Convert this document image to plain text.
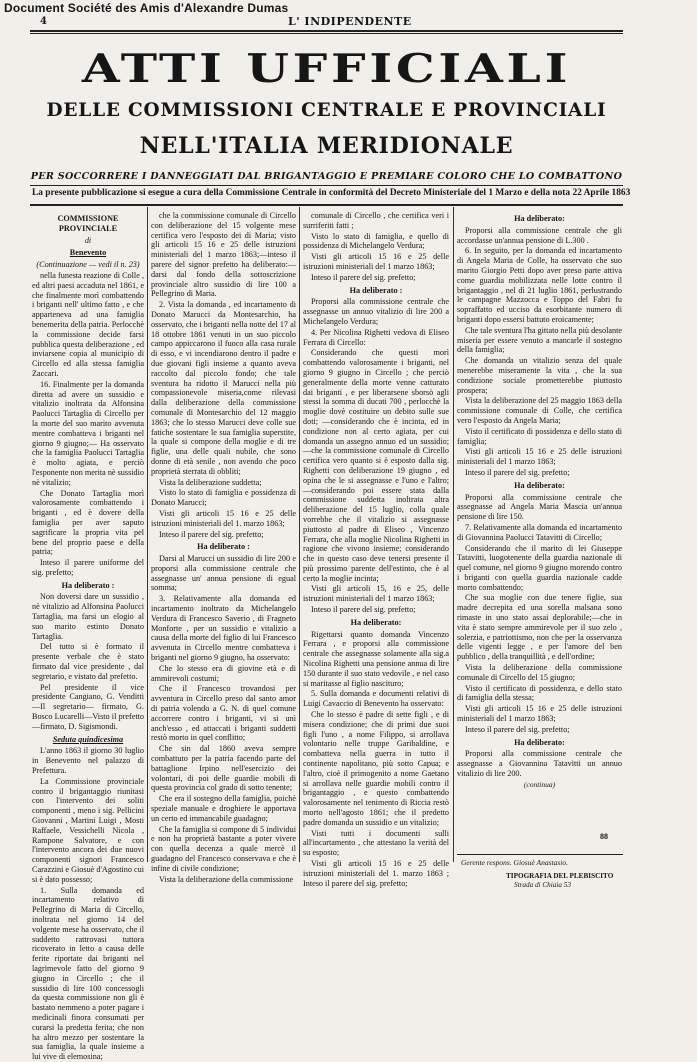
Document Société des Amis d'Alexandre Dumas
4	L' INDIPENDENTE
ATTI UFFICIALI
DELLE COMMISSIONI CENTRALE E PROVINCIALI
NELL'ITALIA MERIDIONALE
PER SOCCORRERE I DANNEGGIATI DAL BRIGANTAGGIO E PREMIARE COLORO CHE LO COMBATTONO
La presente pubblicazione si esegue a cura della Commissione Centrale in conformità del Decreto Ministeriale del 1 Marzo e della nota 22 Aprile 1863

COMMISSIONE PROVINCIALE

di

Benevento

(Continuazione — vedi il n. 23)

nella funesta reazione di Colle , ed altri paesi accaduta nel 1861, e che finalmente morì combattendo i briganti nell' ultimo fatto , e che apparteneva ad una famiglia benemerita della patria. Perlocchè la commissione decide farsi pubblica questa deliberazione , ed inviarsene copia al municipio di Circello ed alla stessa famiglia Zaccari.

16. Finalmente per la domanda diretta ad avere un sussidio e vitalizio inoltrata da Alfonsina Paolucci Tartaglia di Circello per la morte del suo marito avvenuta mentre combatteva i briganti nel giorno 9 giugno;— Ha osservato che la famiglia Paolucci Tartaglia è molto agiata, e perciò l'esponente non merita nè sussidio nè vitalizio;

Che Donato Tartaglia morì valorosamente combattendo i briganti , ed è dovere della famiglia per aver saputo sagrificare la propria vita pel bene del proprio paese e della patria;

Inteso il parere uniforme del sig. prefetto;

Ha deliberato :

Non doversi dare un sussidio , nè vitalizio ad Alfonsina Paolucci Tartaglia, ma farsi un elogio al suo marito estinto Donato Tartaglia.

Del tutto si è formato il presente verbale che è stato firmato dal vice presidente , dal segretario, e vistato dal prefetto.

Pel presidente il vice presidente Cangiano, G. Venditti—Il segretario— firmato, G. Bosco Lucarelli—Visto il prefetto—firmato, D. Sigismondi.

Seduta quindicesima

L'anno 1863 il giorno 30 luglio in Benevento nel palazzo di Prefettura.

La Commissione provinciale contro il brigantaggio riunitasi con l'intervento dei soliti componenti , meno i sig. Pellicini Giovanni , Martini Luigi , Mosti Raffaele, Vessichelli Nicola , Rampone Salvatore, e con l'intervento ancora dei due nuovi componenti signori Francesco Carazzini e Giosuè d'Agostino cui si è dato possesso;

1. Sulla domanda ed incartamento relativo di Pellegrino di Maria di Circello, inoltrata nel giorno 14 del volgente mese ha osservato, che il suddetto rattrovasi tuttora ricoverato in letto a causa delle ferite riportate dai briganti nel lagrimevole fatto del giorno 9 giugno in Circello ; che il sussidio di lire 100 concessogli da questa commissione non gli è bastato nemmeno a poter pagare i medicinali finora consumati per curarsi la predetta ferita; che non ha altro mezzo per sostentare la sua famiglia, la quale insieme a lui vive di elemosina;

che la commissione comunale di Circello con deliberazione del 15 volgente mese certifica vero l'esposto dei di Maria; visto gli articoli 15 16 e 25 delle istruzioni ministeriali del 1 marzo 1863;—inteso il parere del signor prefetto ha deliberato:—darsi dal fondo della sottoscrizione provinciale altro sussidio di lire 100 a Pellegrino di Maria.

2. Vista la domanda , ed incartamento di Donato Marucci da Montesarchio, ha osservato, che i briganti nella notte del 17 al 18 ottobre 1861 venuti in un suo piccolo campo appiccarono il fuoco alla casa rurale di esso, e vi incendiarono dentro il padre e due giovani figli insieme a quanto aveva raccolto dal piccolo fondo; che tale sventura ha ridotto il Marucci nella più compassionevole miseria,come rilevasi dalla deliberazione della commissione comunale di Montesarchio del 12 maggio 1863; che lo stesso Marucci deve colle sue fatiche sostentare le sua famiglia superstite, la quale si compone della moglie e di tre figlie, una delle quali nubile, che sono donne di età senile , non avendo che poco proprietà sterrata di obbliti;

Vista la deliberazione suddetta;

Visto lo stato di famiglia e possidenza di Donato Marucci;

Visti gli articoli 15 16 e 25 delle istruzioni ministeriali del 1. marzo 1863;

Inteso il parere del sig. prefetto;

Ha deliberato :

Darsi al Marucci un sussidio di lire 200 e proporsi alla commissione centrale che assegnasse un' annua pensione di egual somma;

3. Relativamente alla domanda ed incartamento inoltrato da Michelangelo Verdura di Francesco Saverio , di Fragneto Monforte , per un sussidio e vitalizio a causa della morte del figlio di lui Francesco avvenuta in Circello mentre combatteva i briganti nel giorno 9 giugno, ha osservato:

Che lo stesso era di giovine età e di ammirevoli costumi;

Che il Francesco trovandosi per avventura in Circello preso dal santo amor di patria volendo a G. N. di quel comune accorrere contro i briganti, vi si unì anch'esso , ed attaccati i briganti suddetti restò morto in quel conflitto;

Che sin dal 1860 aveva sempre combattuto per la patria facendo parte del battaglione Irpino nell'esercizio dei volontari, di poi delle guardie mobili di questa provincia col grado di sotto tenente;

Che era il sostegno della famiglia, poichè speziale manuale e droghiere le apportava un certo ed immancabile guadagno;

Che la famiglia si compone di 5 individui e non ha proprietà bastante a poter vivere con quella decenza a quale mercè il guadagno del Francesco conservava e che è infine di civile condizione;

Vista la deliberazione della commissione

comunale di Circello , che certifica veri i surriferiti fatti ;

Visto lo stato di famiglia, e quello di possidenza di Michelangelo Verdura;

Visti gli articoli 15 16 e 25 delle istruzioni ministeriali del 1 marzo 1863;

Inteso il parere del sig. prefetto;

Ha deliberato :

Proporsi alla commissione centrale che assegnasse un annuo vitalizio di lire 200 a Michelangelo Verdura;

4. Per Nicolina Righetti vedova di Eliseo Ferrara di Circello:

Considerando che questi morì combattendo valorosamente i briganti, nel giorno 9 giugno in Circello ; che perciò generalmente della morte venne catturato dai briganti , e per liberarsene sborsò agli stessi la somma di ducati 700 , perlocchè la moglie dovè costituire un debito sulle sue doti; —considerando che è incinta, ed in condizione non al certo agiata, per cui domanda un assegno annuo ed un sussidio;—che la commissione comunale di Circello certifica vero quanto si è esposto dalla sig. Righetti con deliberazione 19 giugno , ed opina che le si assegnasse e l'uno e l'altro; —considerando poi essere stata dalla commissione suddetta inoltrata altra deliberazione del 15 luglio, colla quale vorrebbe che il vitalizio si assegnasse piuttosto al padre di Eliseo , Vincenzo Ferrara, che alla moglie Nicolina Righetti in ragione che vivono insieme; considerando che in questo caso deve tenersi presente il più prossimo parente dell'estinto, che è al certo la moglie incinta;

Visti gli articoli 15, 16 e 25, delle istruzioni ministeriali del 1 marzo 1863;

Inteso il parere del sig. prefetto;

Ha deliberato:

Rigettarsi quanto domanda Vincenzo Ferrara , e proporsi alla commissione centrale che assegnasse solamente alla sig.a Nicolina Righetti una pensione annua di lire 150 durante il suo stato vedovile , e nel caso si maritasse al figlio nascituro;

5. Sulla domanda e documenti relativi di Luigi Cavaccio di Benevento ha osservato:

Che lo stesso è padre di sette figli , e di misera condizione; che di primi due suoi figli l'uno , a nome Filippo, si arrollava volontario nelle truppe Garibaldine, e combatteva nella guerra in tutto il continente napolitano, più sotto Capua; e l'altro, cioè il primogenito a nome Gaetano si arrollava nelle guardie mobili contro il brigantaggio , e questo combattendo valorosamente nel tenimento di Riccia restò morto nell'agosto 1861; che il predetto padre domanda un sussidio e un vitalizio;

Visti tutti i documenti sulli all'incartamento , che attestano la verità del su esposto;

Visti gli articoli 15 16 e 25 delle istruzioni ministeriali del 1. marzo 1863 ; Inteso il parere del sig. prefetto;

Ha deliberato:

Proporsi alla commissione centrale che gli accordasse un'annua pensione di L.300 .

6. In seguito, per la domanda ed incartamento di Angela Maria de Colle, ha osservato che suo marito Giorgio Petti dopo aver preso parte attiva come guardia mobilizzata nelle lotte contro il brigantaggio , nel dì 21 luglio 1861, perlustrando le campagne Mazzocca e Toppo del Fabri fu sopraffatto ed ucciso da esorbitante numero di briganti dopo essersi battuto eroicamente;

Che tale sventura l'ha gittato nella più desolante miseria per essere venuto a mancarle il sostegno della famiglia;

Che domanda un vitalizio senza del quale menerebbe miseramente la vita , che la sua condizione sociale prometterebbe piuttosto prospera;

Vista la deliberazione del 25 maggio 1863 della commissione comunale di Colle, che certifica vero l'esposto da Angela Maria;

Visto il certificato di possidenza e dello stato di famiglia;

Visti gli articoli 15 16 e 25 delle istruzioni ministeriali del 1 marzo 1863;

Inteso il parere del sig. prefetto;

Ha deliberato:

Proporsi alla commissione centrale che assegnasse ad Angela Maria Mascia un'annua pensione di lire 150.

7. Relativamente alla domanda ed incartamento di Giovannina Paolucci Tatavitti di Circello;

Considerando che il marito di lei Giuseppe Tatavitti, luogotenente della guardia nazionale di quel comune, nel giorno 9 giugno morendo contro i briganti con quella guardia nazionale cadde morto combattendo;

Che sua moglie con due tenere figlie, sua madre decrepita ed una sorella malsana sono rimaste in uno stato assai deplorabile;—che in vita è stato sempre ammirevole per il suo zelo , solerzia, e patriottismo, non che per la osservanza delle vigenti legge , e per l'amore del ben pubblico , della tranquillità , e dell'ordine;

Vista la deliberazione della commissione comunale di Circello del 15 giugno;

Visto il certificato di possidenza, e dello stato di famiglia della stessa;

Visti gli articoli 15 16 e 25 delle istruzioni ministeriali del 1 marzo 1863;

Inteso il parere del sig. prefetto;

Ha deliberato:

Proporsi alla commissione centrale che assegnasse a Giovannina Tatavitti un annuo vitalizio di lire 200.

(continua)

88
Gerente respons. Giosuè Anastasio.
TIPOGRAFIA DEL PLEBISCITO
Strada di Chiaia 53
